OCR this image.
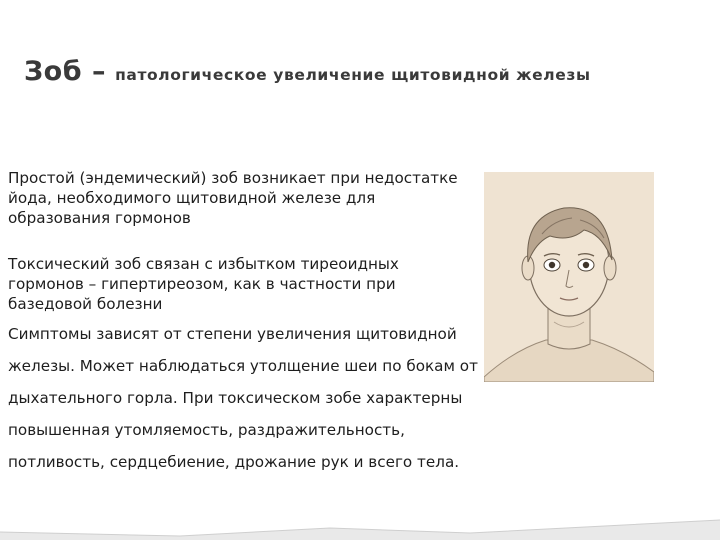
Зоб – патологическое увеличение щитовидной железы

Простой (эндемический) зоб возникает при недостатке йода, необходимого щитовидной железе для образования гормонов

Токсический зоб связан с избытком тиреоидных гормонов – гипертиреозом, как в частности при базедовой болезни

Симптомы зависят от степени увеличения щитовидной железы. Может наблюдаться утолщение шеи по бокам от дыхательного горла. При токсическом зобе характерны повышенная утомляемость, раздражительность, потливость, сердцебиение, дрожание рук и всего тела.
